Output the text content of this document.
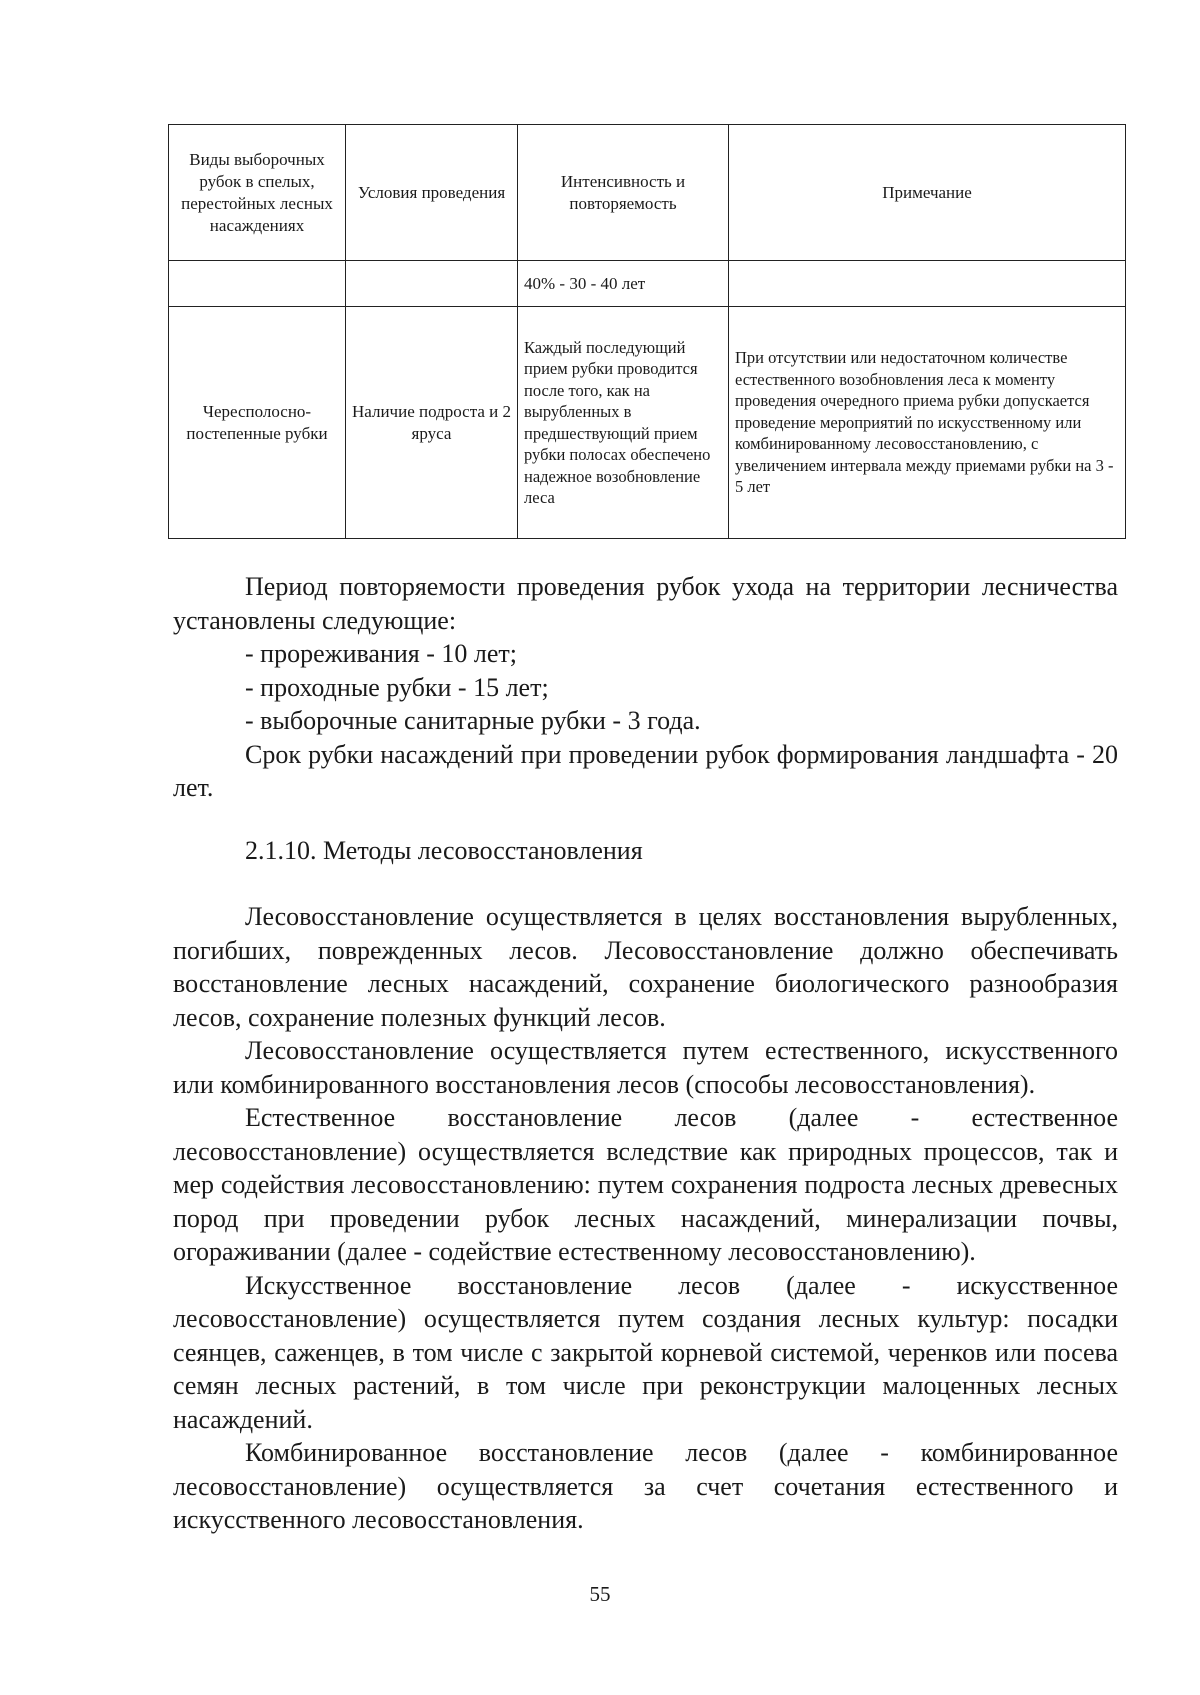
Виды выборочных рубок в спелых, перестойных лесных насаждениях	Условия проведения	Интенсивность и повторяемость	Примечание
		40% - 30 - 40 лет	
Чересполосно-постепенные рубки	Наличие подроста и 2 яруса	Каждый последующий прием рубки проводится после того, как на вырубленных в предшествующий прием рубки полосах обеспечено надежное возобновление леса	При отсутствии или недостаточном количестве естественного возобновления леса к моменту проведения очередного приема рубки допускается проведение мероприятий по искусственному или комбинированному лесовосстановлению, с увеличением интервала между приемами рубки на 3 - 5 лет

Период повторяемости проведения рубок ухода на территории лесничества установлены следующие:

- прореживания - 10 лет;

- проходные рубки - 15 лет;

- выборочные санитарные рубки - 3 года.

Срок рубки насаждений при проведении рубок формирования ландшафта - 20 лет.

2.1.10. Методы лесовосстановления

Лесовосстановление осуществляется в целях восстановления вырубленных, погибших, поврежденных лесов. Лесовосстановление должно обеспечивать восстановление лесных насаждений, сохранение биологического разнообразия лесов, сохранение полезных функций лесов.

Лесовосстановление осуществляется путем естественного, искусственного или комбинированного восстановления лесов (способы лесовосстановления).

Естественное восстановление лесов (далее - естественное лесовосстановление) осуществляется вследствие как природных процессов, так и мер содействия лесовосстановлению: путем сохранения подроста лесных древесных пород при проведении рубок лесных насаждений, минерализации почвы, огораживании (далее - содействие естественному лесовосстановлению).

Искусственное восстановление лесов (далее - искусственное лесовосстановление) осуществляется путем создания лесных культур: посадки сеянцев, саженцев, в том числе с закрытой корневой системой, черенков или посева семян лесных растений, в том числе при реконструкции малоценных лесных насаждений.

Комбинированное восстановление лесов (далее - комбинированное лесовосстановление) осуществляется за счет сочетания естественного и искусственного лесовосстановления.

55
